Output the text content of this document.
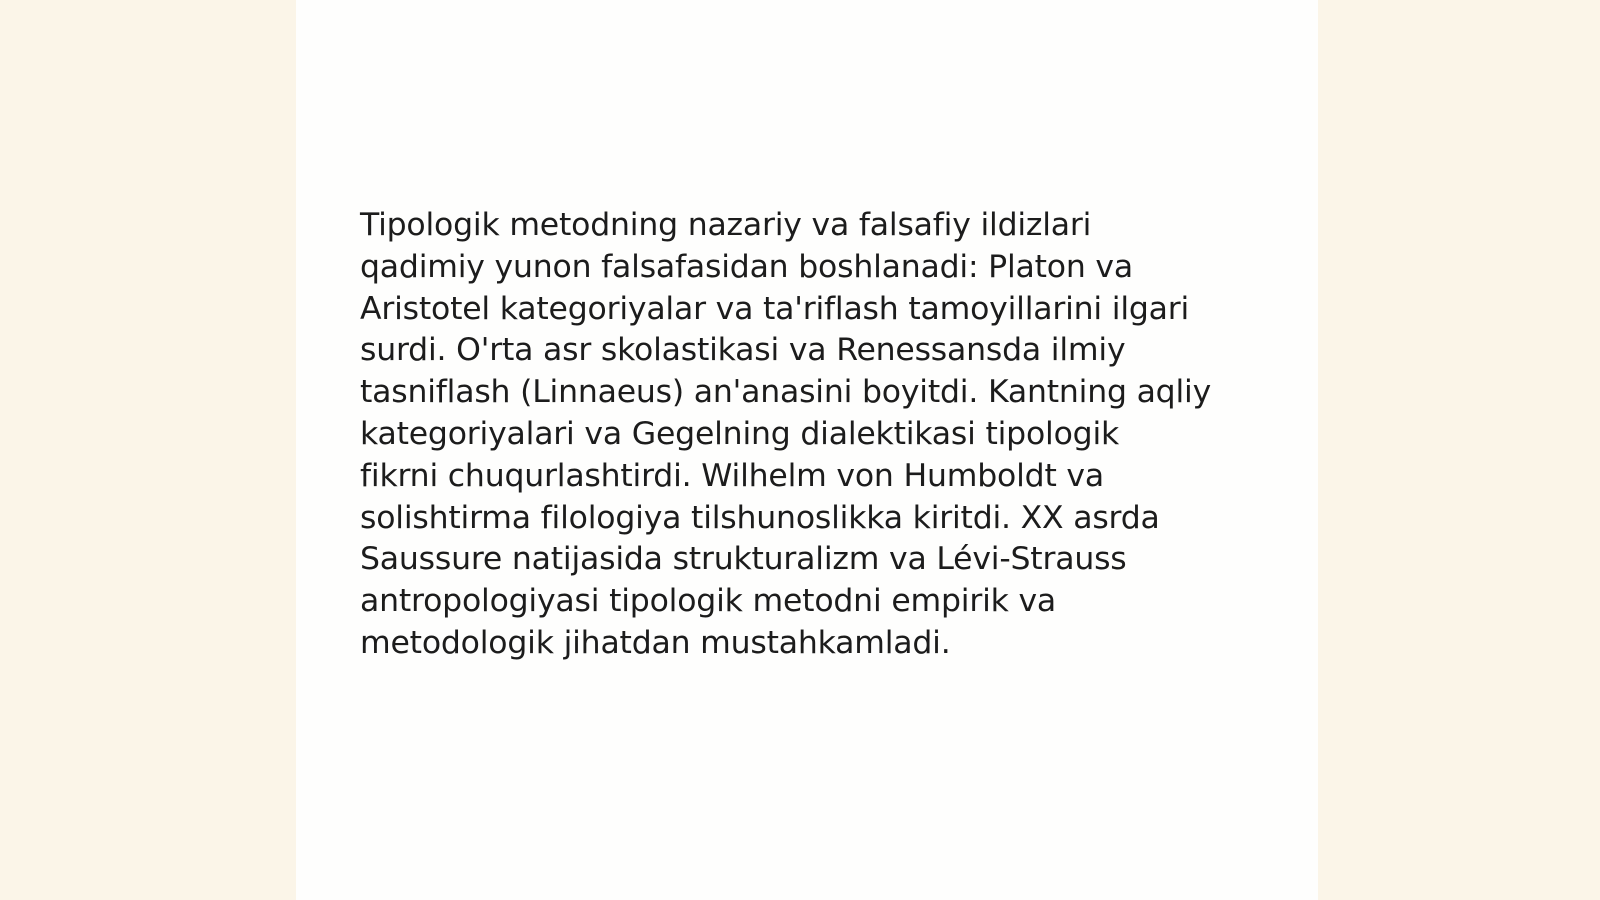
Tipologik metodning nazariy va falsafiy ildizlari
qadimiy yunon falsafasidan boshlanadi: Platon va
Aristotel kategoriyalar va ta'riflash tamoyillarini ilgari
surdi. O'rta asr skolastikasi va Renessansda ilmiy
tasniflash (Linnaeus) an'anasini boyitdi. Kantning aqliy
kategoriyalari va Gegelning dialektikasi tipologik
fikrni chuqurlashtirdi. Wilhelm von Humboldt va
solishtirma filologiya tilshunoslikka kiritdi. XX asrda
Saussure natijasida strukturalizm va Lévi-Strauss
antropologiyasi tipologik metodni empirik va
metodologik jihatdan mustahkamladi.
